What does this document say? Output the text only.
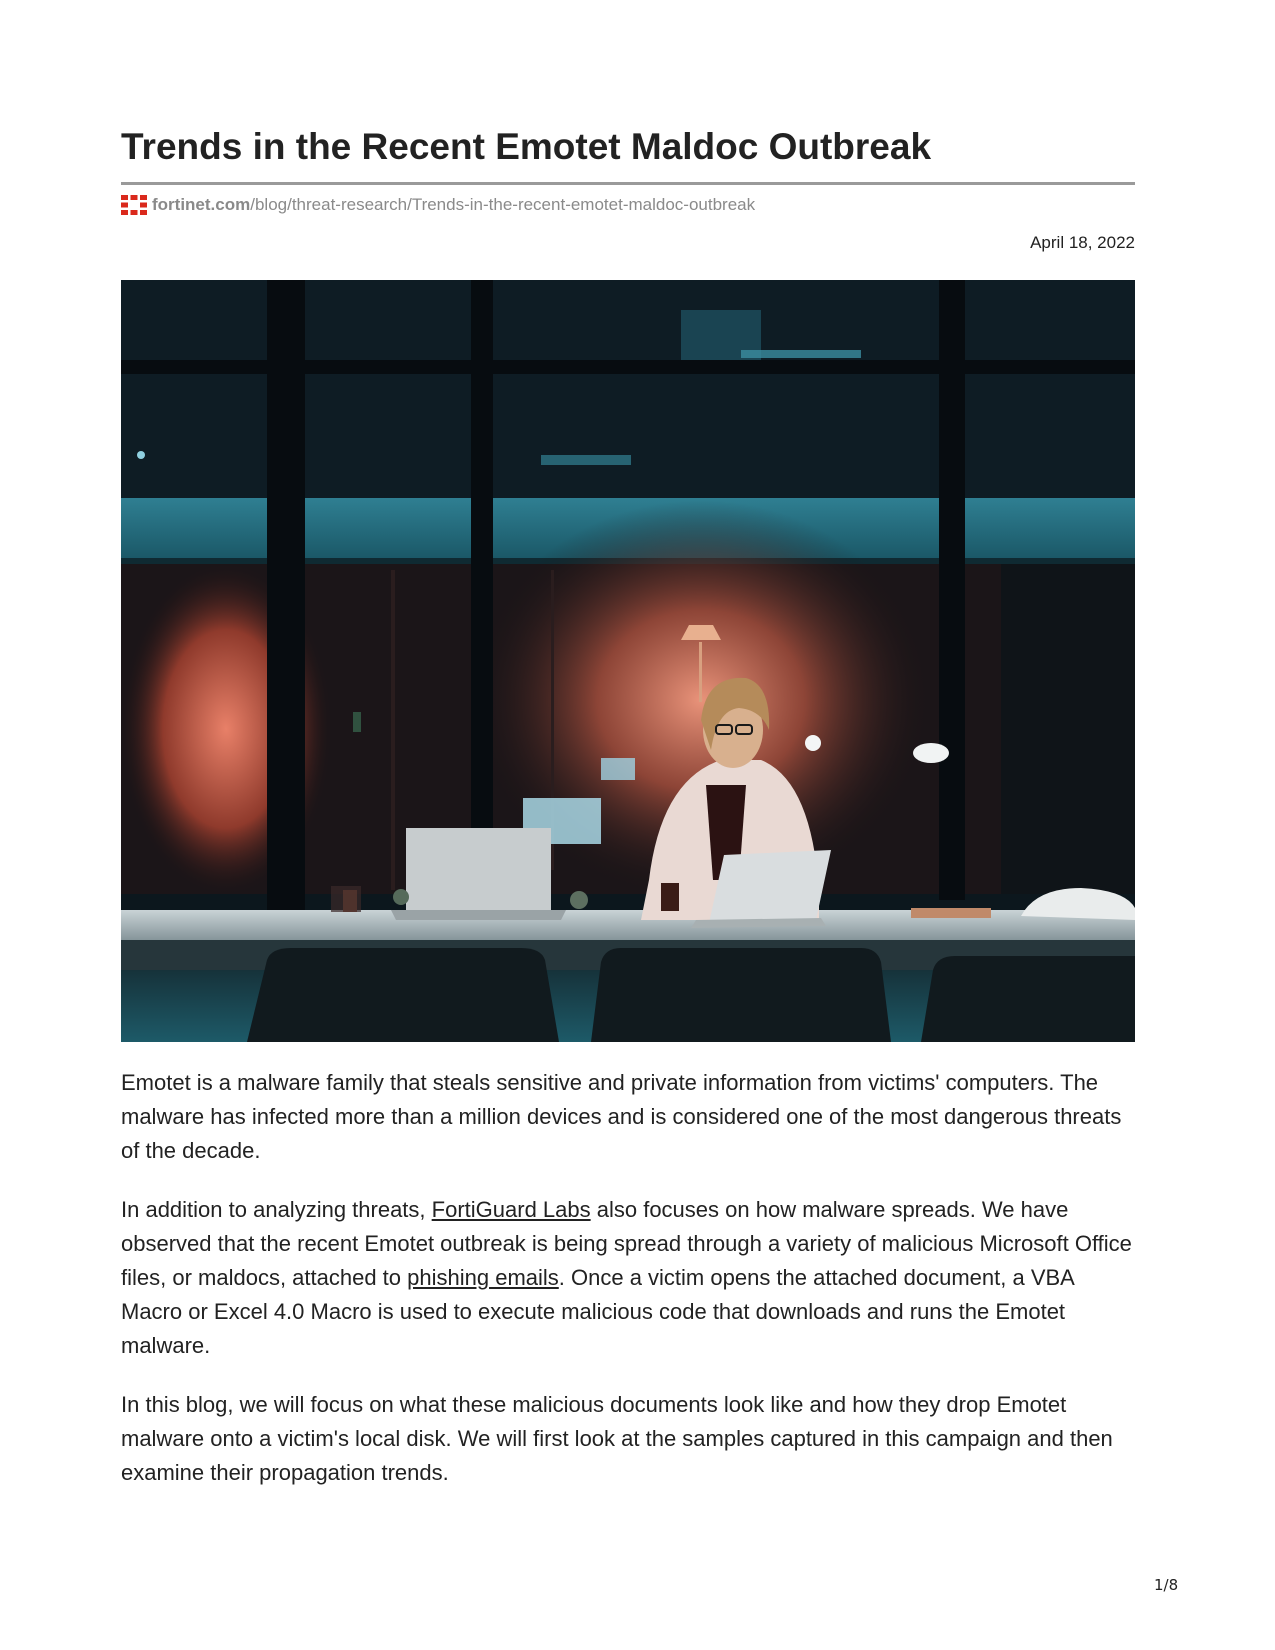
Trends in the Recent Emotet Maldoc Outbreak
fortinet.com /blog/threat-research/Trends-in-the-recent-emotet-maldoc-outbreak
April 18, 2022

Emotet is a malware family that steals sensitive and private information from victims' computers. The malware has infected more than a million devices and is considered one of the most dangerous threats of the decade.

In addition to analyzing threats, FortiGuard Labs also focuses on how malware spreads. We have observed that the recent Emotet outbreak is being spread through a variety of malicious Microsoft Office files, or maldocs, attached to phishing emails. Once a victim opens the attached document, a VBA Macro or Excel 4.0 Macro is used to execute malicious code that downloads and runs the Emotet malware.

In this blog, we will focus on what these malicious documents look like and how they drop Emotet malware onto a victim's local disk. We will first look at the samples captured in this campaign and then examine their propagation trends.

1/8
